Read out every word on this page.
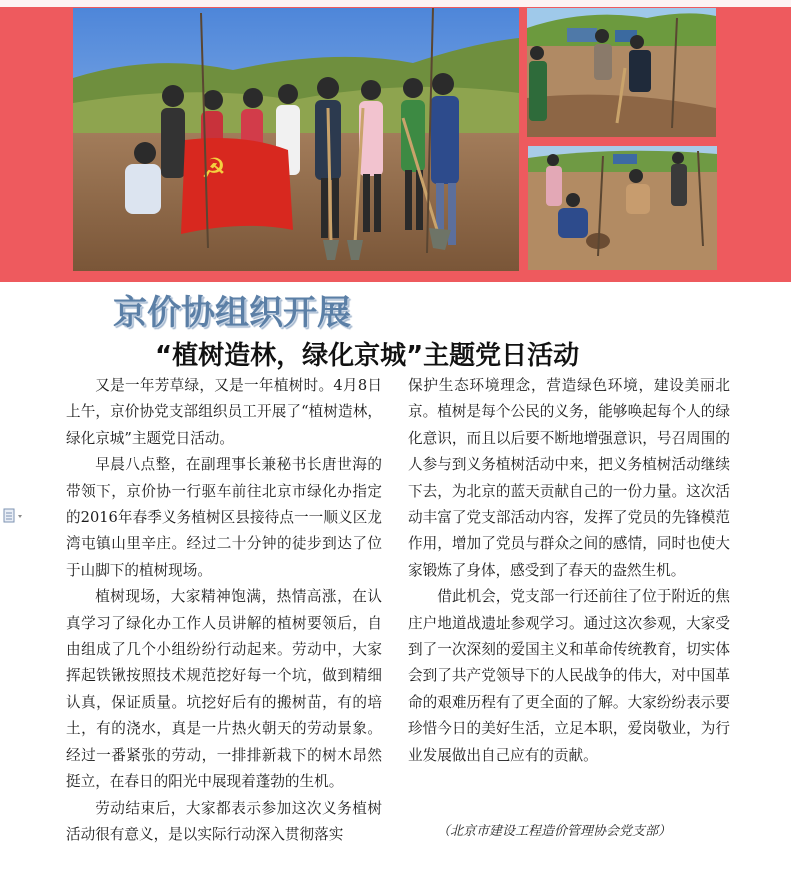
☭
京价协组织开展
“植树造林，绿化京城”主题党日活动

又是一年芳草绿，又是一年植树时。4月8日上午，京价协党支部组织员工开展了“植树造林，绿化京城”主题党日活动。

早晨八点整，在副理事长兼秘书长唐世海的带领下，京价协一行驱车前往北京市绿化办指定的2016年春季义务植树区县接待点一一顺义区龙湾屯镇山里辛庄。经过二十分钟的徒步到达了位于山脚下的植树现场。

植树现场，大家精神饱满，热情高涨，在认真学习了绿化办工作人员讲解的植树要领后，自由组成了几个小组纷纷行动起来。劳动中，大家挥起铁锹按照技术规范挖好每一个坑，做到精细认真，保证质量。坑挖好后有的搬树苗，有的培土，有的浇水，真是一片热火朝天的劳动景象。经过一番紧张的劳动，一排排新栽下的树木昂然挺立，在春日的阳光中展现着蓬勃的生机。

劳动结束后，大家都表示参加这次义务植树活动很有意义，是以实际行动深入贯彻落实

保护生态环境理念，营造绿色环境，建设美丽北京。植树是每个公民的义务，能够唤起每个人的绿化意识，而且以后要不断地增强意识，号召周围的人参与到义务植树活动中来，把义务植树活动继续下去，为北京的蓝天贡献自己的一份力量。这次活动丰富了党支部活动内容，发挥了党员的先锋模范作用，增加了党员与群众之间的感情，同时也使大家锻炼了身体，感受到了春天的盎然生机。

借此机会，党支部一行还前往了位于附近的焦庄户地道战遗址参观学习。通过这次参观，大家受到了一次深刻的爱国主义和革命传统教育，切实体会到了共产党领导下的人民战争的伟大，对中国革命的艰难历程有了更全面的了解。大家纷纷表示要珍惜今日的美好生活，立足本职，爱岗敬业，为行业发展做出自己应有的贡献。

（北京市建设工程造价管理协会党支部）
